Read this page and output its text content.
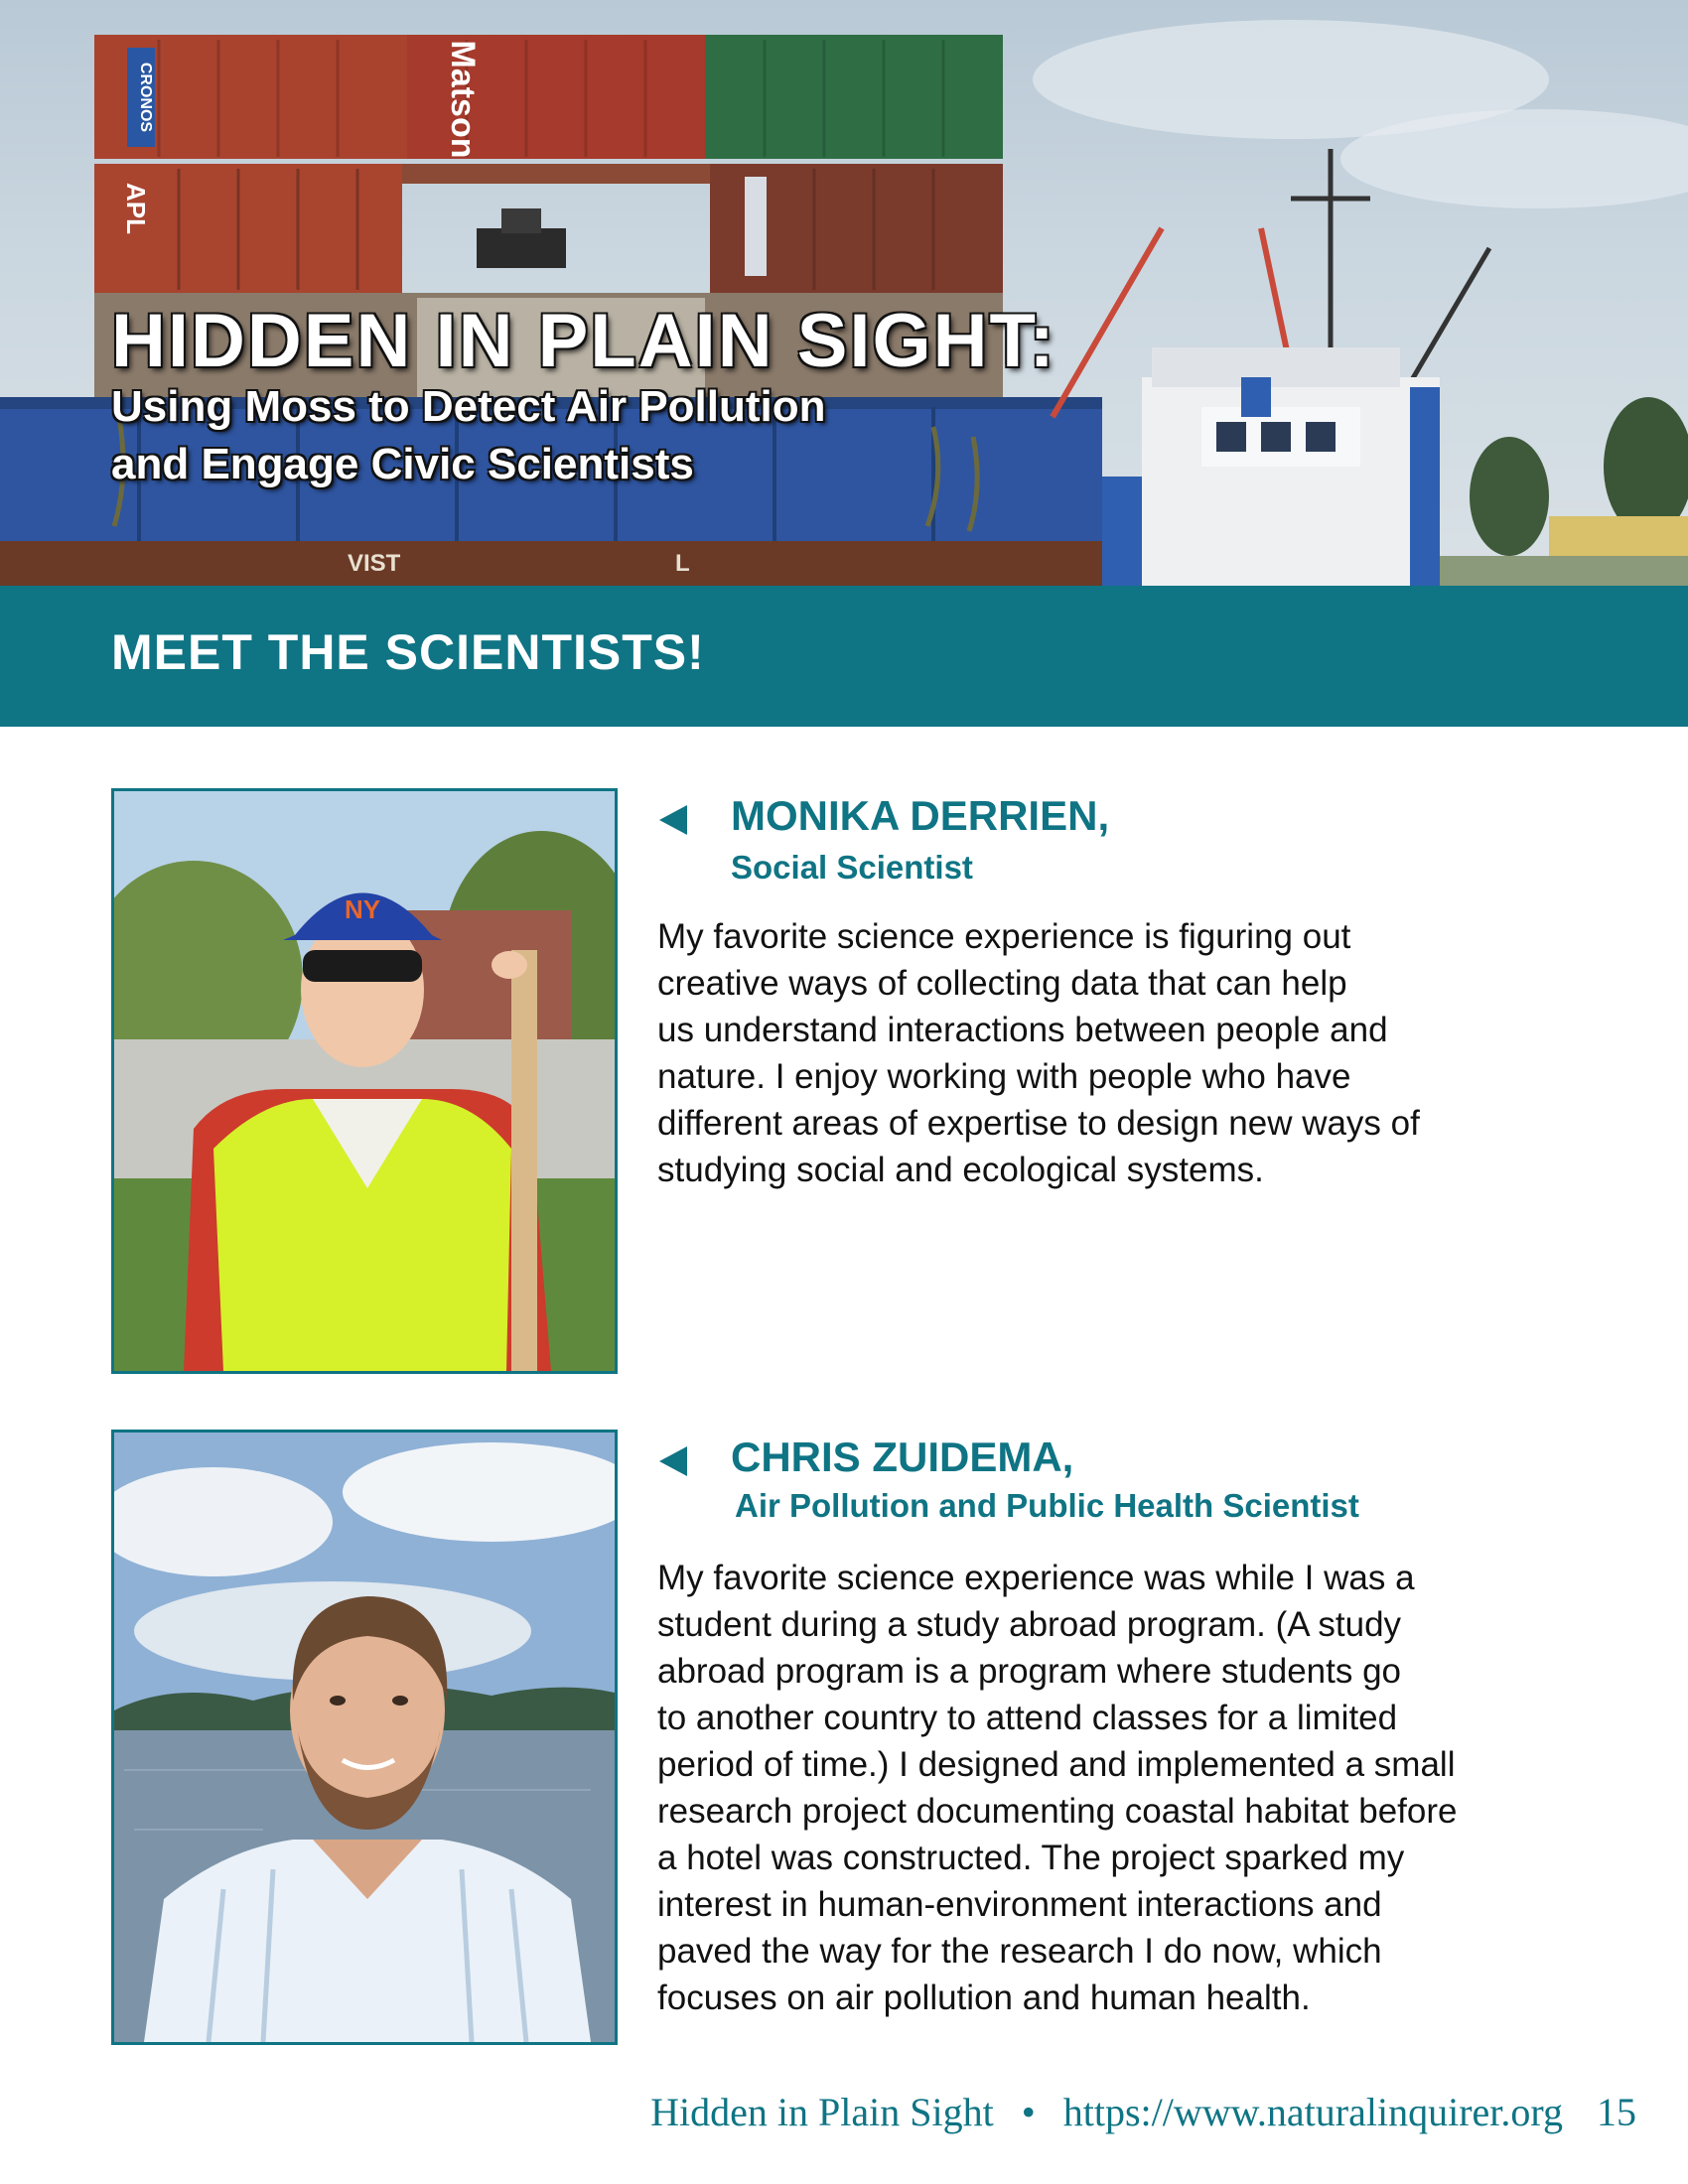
CRONOS	Matson
APL
VIST	L
HIDDEN IN PLAIN SIGHT:

Using Moss to Detect Air Pollution

and Engage Civic Scientists

MEET THE SCIENTISTS!
NY
MONIKA DERRIEN,

Social Scientist

My favorite science experience is figuring out
creative ways of collecting data that can help
us understand interactions between people and
nature. I enjoy working with people who have
different areas of expertise to design new ways of
studying social and ecological systems.
CHRIS ZUIDEMA,

Air Pollution and Public Health Scientist

My favorite science experience was while I was a
student during a study abroad program. (A study
abroad program is a program where students go
to another country to attend classes for a limited
period of time.) I designed and implemented a small
research project documenting coastal habitat before
a hotel was constructed. The project sparked my
interest in human-environment interactions and
paved the way for the research I do now, which
focuses on air pollution and human health.
Hidden in Plain Sight • https://www.naturalinquirer.org 15
